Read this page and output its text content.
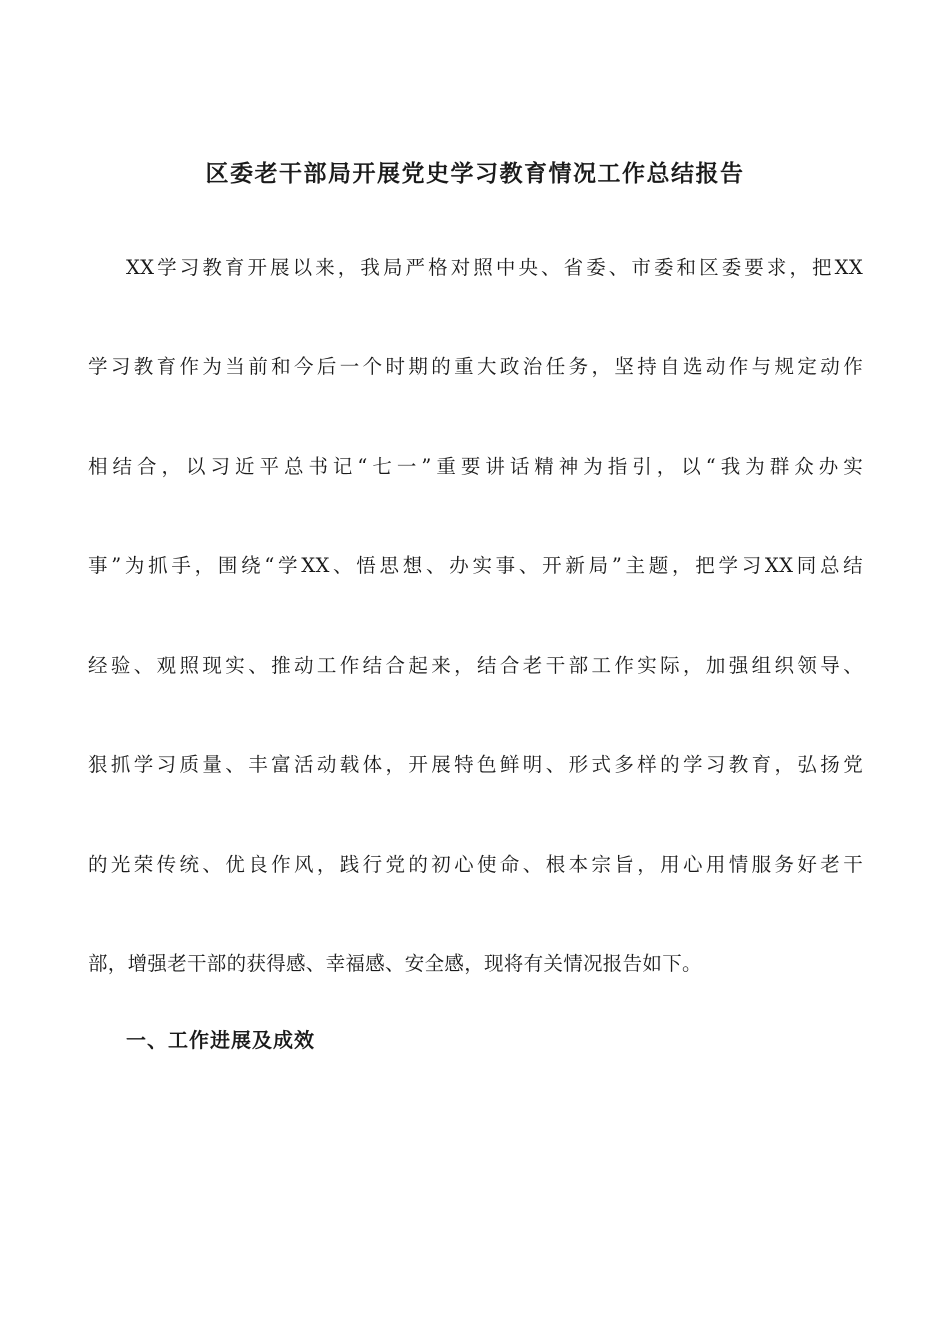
区委老干部局开展党史学习教育情况工作总结报告
XX学习教育开展以来，我局严格对照中央、省委、市委和区委要求，把XX
学习教育作为当前和今后一个时期的重大政治任务，坚持自选动作与规定动作
相结合，以习近平总书记“七一”重要讲话精神为指引，以“我为群众办实
事”为抓手，围绕“学XX、悟思想、办实事、开新局”主题，把学习XX同总结
经验、观照现实、推动工作结合起来，结合老干部工作实际，加强组织领导、
狠抓学习质量、丰富活动载体，开展特色鲜明、形式多样的学习教育，弘扬党
的光荣传统、优良作风，践行党的初心使命、根本宗旨，用心用情服务好老干
部，增强老干部的获得感、幸福感、安全感，现将有关情况报告如下。
一、工作进展及成效
